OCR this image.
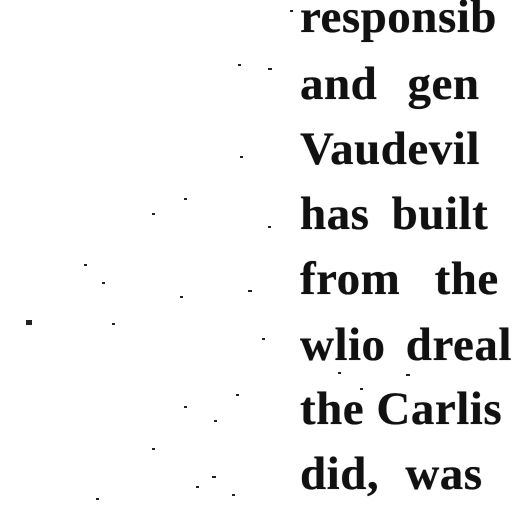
responsib
and gen
Vaudevil
has built
from the
wlio dreal
the Carlis
did, was
